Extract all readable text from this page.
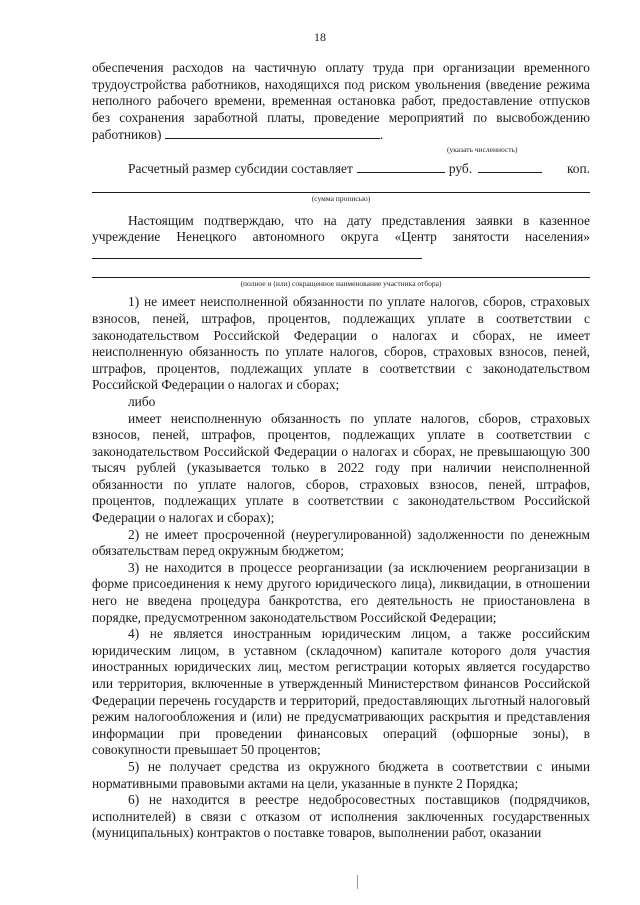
18

обеспечения расходов на частичную оплату труда при организации временного трудоустройства работников, находящихся под риском увольнения (введение режима неполного рабочего времени, временная остановка работ, предоставление отпусков без сохранения заработной платы, проведение мероприятий по высвобождению работников)	.

(указать численность)
Расчетный размер субсидии составляет	руб.	коп.
(сумма прописью)

Настоящим подтверждаю, что на дату представления заявки в казенное учреждение Ненецкого автономного округа «Центр занятости населения»

(полное и (или) сокращенное наименование участника отбора)

1) не имеет неисполненной обязанности по уплате налогов, сборов, страховых взносов, пеней, штрафов, процентов, подлежащих уплате в соответствии с законодательством Российской Федерации о налогах и сборах, не имеет неисполненную обязанность по уплате налогов, сборов, страховых взносов, пеней, штрафов, процентов, подлежащих уплате в соответствии с законодательством Российской Федерации о налогах и сборах;

либо

имеет неисполненную обязанность по уплате налогов, сборов, страховых взносов, пеней, штрафов, процентов, подлежащих уплате в соответствии с законодательством Российской Федерации о налогах и сборах, не превышающую 300 тысяч рублей (указывается только в 2022 году при наличии неисполненной обязанности по уплате налогов, сборов, страховых взносов, пеней, штрафов, процентов, подлежащих уплате в соответствии с законодательством Российской Федерации о налогах и сборах);

2) не имеет просроченной (неурегулированной) задолженности по денежным обязательствам перед окружным бюджетом;

3) не находится в процессе реорганизации (за исключением реорганизации в форме присоединения к нему другого юридического лица), ликвидации, в отношении него не введена процедура банкротства, его деятельность не приостановлена в порядке, предусмотренном законодательством Российской Федерации;

4) не является иностранным юридическим лицом, а также российским юридическим лицом, в уставном (складочном) капитале которого доля участия иностранных юридических лиц, местом регистрации которых является государство или территория, включенные в утвержденный Министерством финансов Российской Федерации перечень государств и территорий, предоставляющих льготный налоговый режим налогообложения и (или) не предусматривающих раскрытия и представления информации при проведении финансовых операций (офшорные зоны), в совокупности превышает 50 процентов;

5) не получает средства из окружного бюджета в соответствии с иными нормативными правовыми актами на цели, указанные в пункте 2 Порядка;

6) не находится в реестре недобросовестных поставщиков (подрядчиков, исполнителей) в связи с отказом от исполнения заключенных государственных (муниципальных) контрактов о поставке товаров, выполнении работ, оказании
